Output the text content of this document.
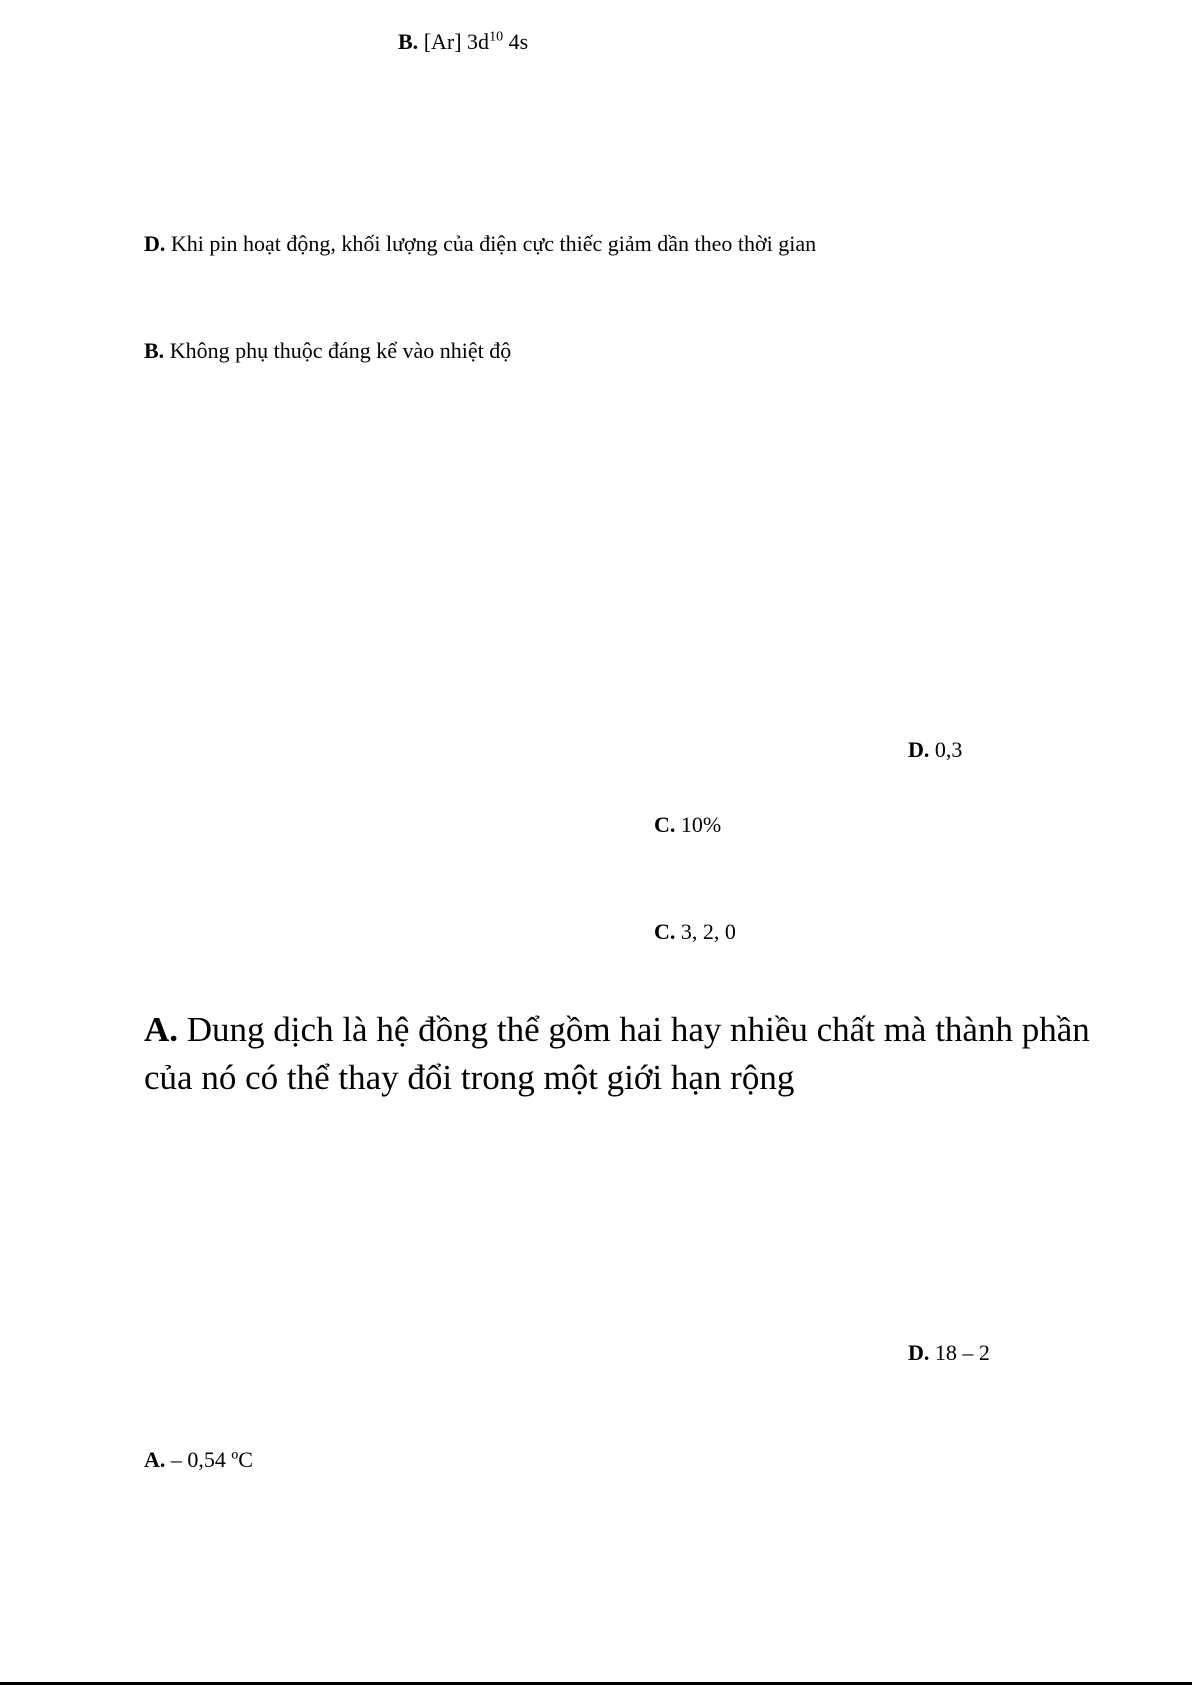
B. [Ar] $3d^{10}$ 4s
D. Khi pin hoạt động, khối lượng của điện cực thiếc giảm dần theo thời gian
B. Không phụ thuộc đáng kể vào nhiệt độ
D. 0,3
C. 10%
C. 3, 2, 0
A. Dung dịch là hệ đồng thể gồm hai hay nhiều chất mà thành phần của nó có thể thay đổi trong một giới hạn rộng
D. 18 – 2
A. – 0,54 ºC
